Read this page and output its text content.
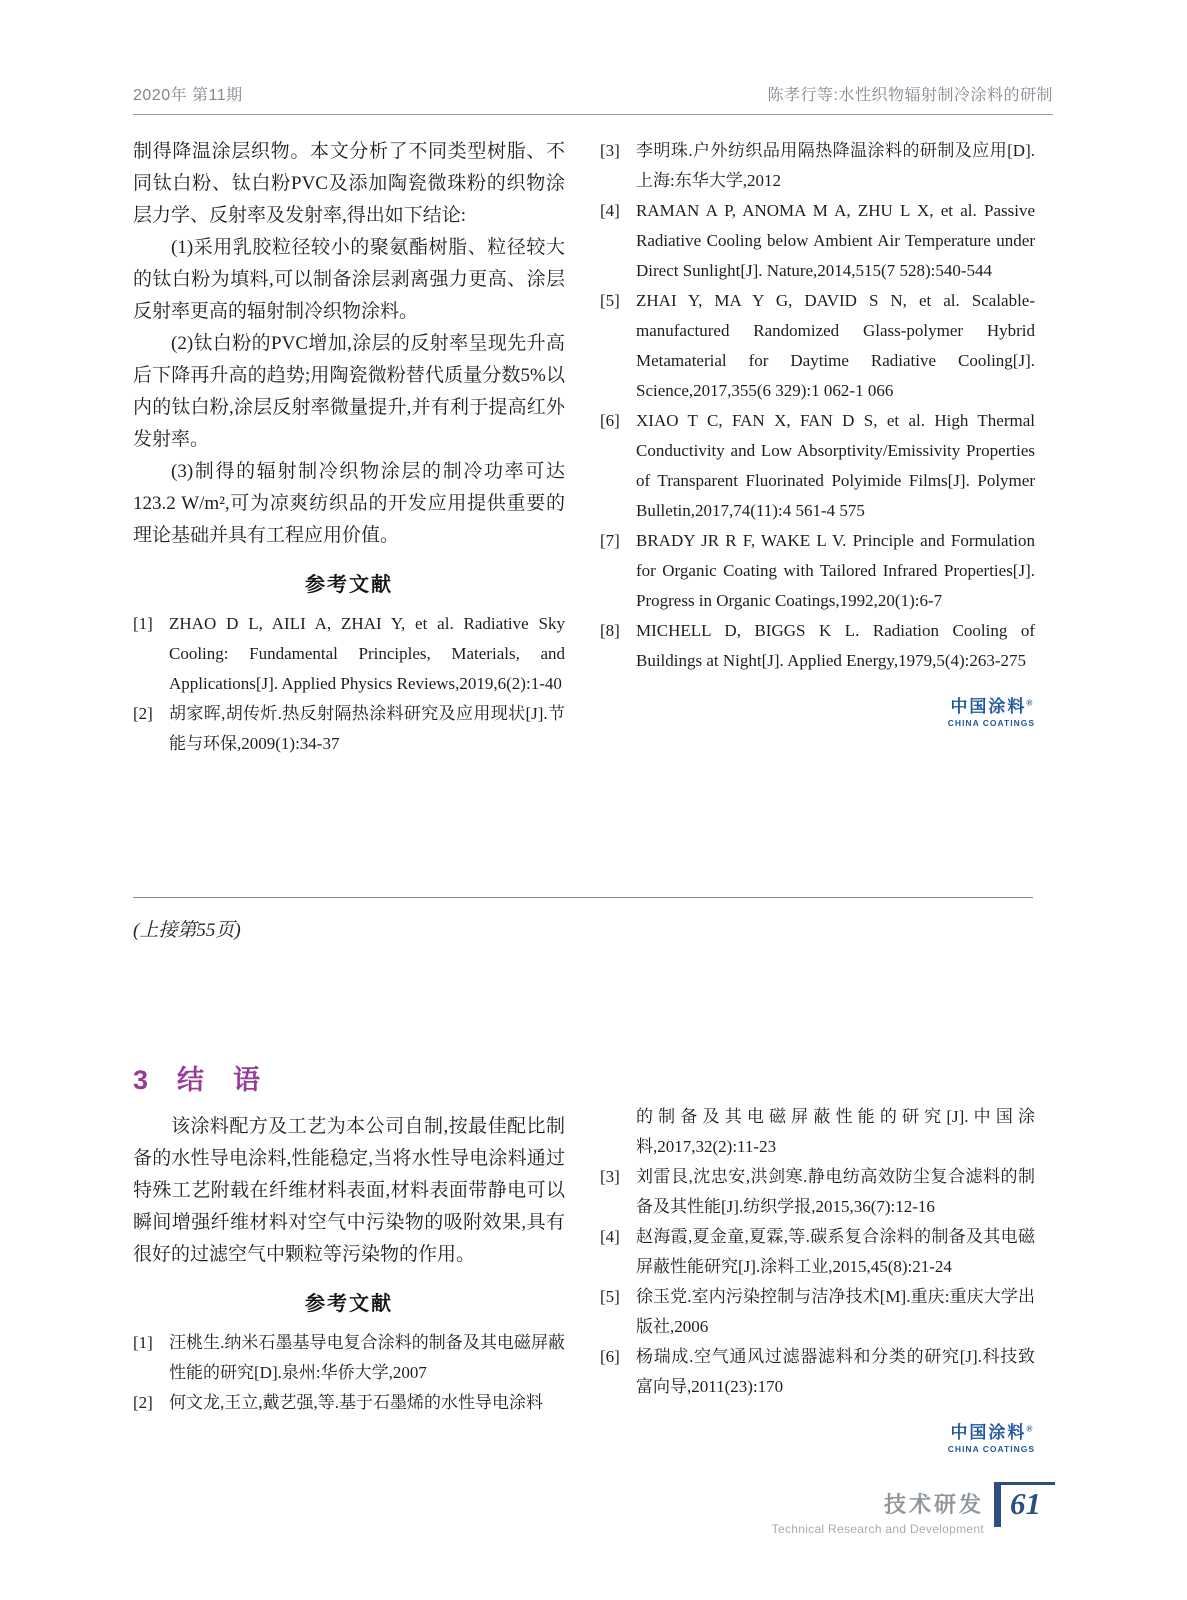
2020年 第11期	陈孝行等:水性织物辐射制冷涂料的研制

制得降温涂层织物。本文分析了不同类型树脂、不同钛白粉、钛白粉PVC及添加陶瓷微珠粉的织物涂层力学、反射率及发射率,得出如下结论:

(1)采用乳胶粒径较小的聚氨酯树脂、粒径较大的钛白粉为填料,可以制备涂层剥离强力更高、涂层反射率更高的辐射制冷织物涂料。

(2)钛白粉的PVC增加,涂层的反射率呈现先升高后下降再升高的趋势;用陶瓷微粉替代质量分数5%以内的钛白粉,涂层反射率微量提升,并有利于提高红外发射率。

(3)制得的辐射制冷织物涂层的制冷功率可达123.2 W/m²,可为凉爽纺织品的开发应用提供重要的理论基础并具有工程应用价值。

参考文献
[1] ZHAO D L, AILI A, ZHAI Y, et al. Radiative Sky Cooling: Fundamental Principles, Materials, and Applications[J]. Applied Physics Reviews,2019,6(2):1-40
[2] 胡家晖,胡传炘.热反射隔热涂料研究及应用现状[J].节能与环保,2009(1):34-37
[3] 李明珠.户外纺织品用隔热降温涂料的研制及应用[D].上海:东华大学,2012
[4] RAMAN A P, ANOMA M A, ZHU L X, et al. Passive Radiative Cooling below Ambient Air Temperature under Direct Sunlight[J]. Nature,2014,515(7 528):540-544
[5] ZHAI Y, MA Y G, DAVID S N, et al. Scalable-manufactured Randomized Glass-polymer Hybrid Metamaterial for Daytime Radiative Cooling[J]. Science,2017,355(6 329):1 062-1 066
[6] XIAO T C, FAN X, FAN D S, et al. High Thermal Conductivity and Low Absorptivity/Emissivity Properties of Transparent Fluorinated Polyimide Films[J]. Polymer Bulletin,2017,74(11):4 561-4 575
[7] BRADY JR R F, WAKE L V. Principle and Formulation for Organic Coating with Tailored Infrared Properties[J]. Progress in Organic Coatings,1992,20(1):6-7
[8] MICHELL D, BIGGS K L. Radiation Cooling of Buildings at Night[J]. Applied Energy,1979,5(4):263-275
中国涂料®
CHINA COATINGS
(上接第55页)
3　结　语

该涂料配方及工艺为本公司自制,按最佳配比制备的水性导电涂料,性能稳定,当将水性导电涂料通过特殊工艺附载在纤维材料表面,材料表面带静电可以瞬间增强纤维材料对空气中污染物的吸附效果,具有很好的过滤空气中颗粒等污染物的作用。

参考文献
[1] 汪桃生.纳米石墨基导电复合涂料的制备及其电磁屏蔽性能的研究[D].泉州:华侨大学,2007
[2] 何文龙,王立,戴艺强,等.基于石墨烯的水性导电涂料
的制备及其电磁屏蔽性能的研究[J].中国涂料,2017,32(2):11-23
[3] 刘雷艮,沈忠安,洪剑寒.静电纺高效防尘复合滤料的制备及其性能[J].纺织学报,2015,36(7):12-16
[4] 赵海霞,夏金童,夏霖,等.碳系复合涂料的制备及其电磁屏蔽性能研究[J].涂料工业,2015,45(8):21-24
[5] 徐玉党.室内污染控制与洁净技术[M].重庆:重庆大学出版社,2006
[6] 杨瑞成.空气通风过滤器滤料和分类的研究[J].科技致富向导,2011(23):170
中国涂料®
CHINA COATINGS
技术研发
Technical Research and Development
61
